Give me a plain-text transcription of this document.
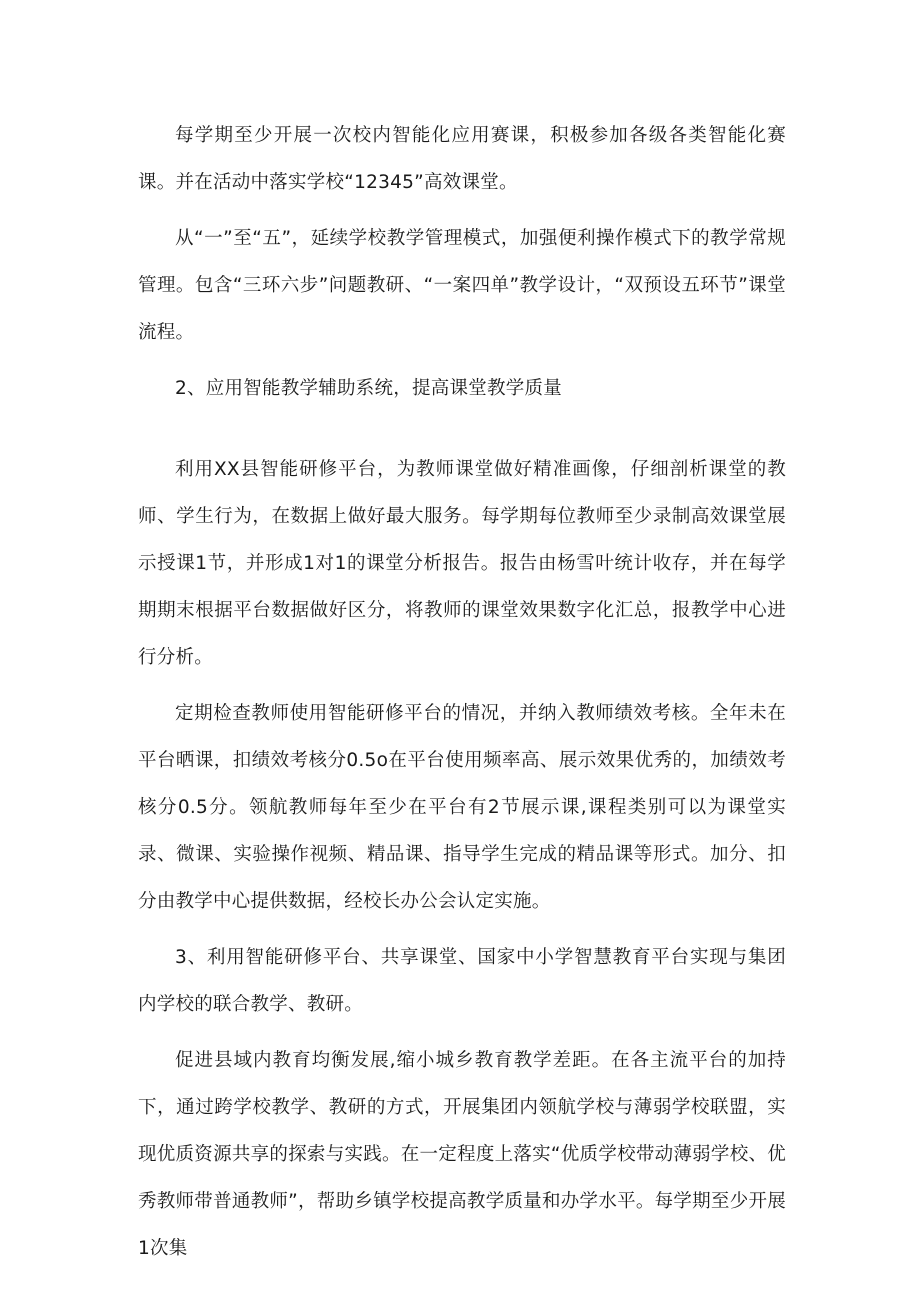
每学期至少开展一次校内智能化应用赛课，积极参加各级各类智能化赛课。并在活动中落实学校“12345”高效课堂。

从“一”至“五”，延续学校教学管理模式，加强便利操作模式下的教学常规管理。包含“三环六步”问题教研、“一案四单”教学设计，“双预设五环节”课堂流程。

2、应用智能教学辅助系统，提高课堂教学质量

利用XX县智能研修平台，为教师课堂做好精准画像，仔细剖析课堂的教师、学生行为，在数据上做好最大服务。每学期每位教师至少录制高效课堂展示授课1节，并形成1对1的课堂分析报告。报告由杨雪叶统计收存，并在每学期期末根据平台数据做好区分，将教师的课堂效果数字化汇总，报教学中心进行分析。

定期检查教师使用智能研修平台的情况，并纳入教师绩效考核。全年未在平台晒课，扣绩效考核分0.5o在平台使用频率高、展示效果优秀的，加绩效考核分0.5分。领航教师每年至少在平台有2节展示课,课程类别可以为课堂实录、微课、实验操作视频、精品课、指导学生完成的精品课等形式。加分、扣分由教学中心提供数据，经校长办公会认定实施。

3、利用智能研修平台、共享课堂、国家中小学智慧教育平台实现与集团内学校的联合教学、教研。

促进县域内教育均衡发展,缩小城乡教育教学差距。在各主流平台的加持下，通过跨学校教学、教研的方式，开展集团内领航学校与薄弱学校联盟，实现优质资源共享的探索与实践。在一定程度上落实“优质学校带动薄弱学校、优秀教师带普通教师”，帮助乡镇学校提高教学质量和办学水平。每学期至少开展1次集
